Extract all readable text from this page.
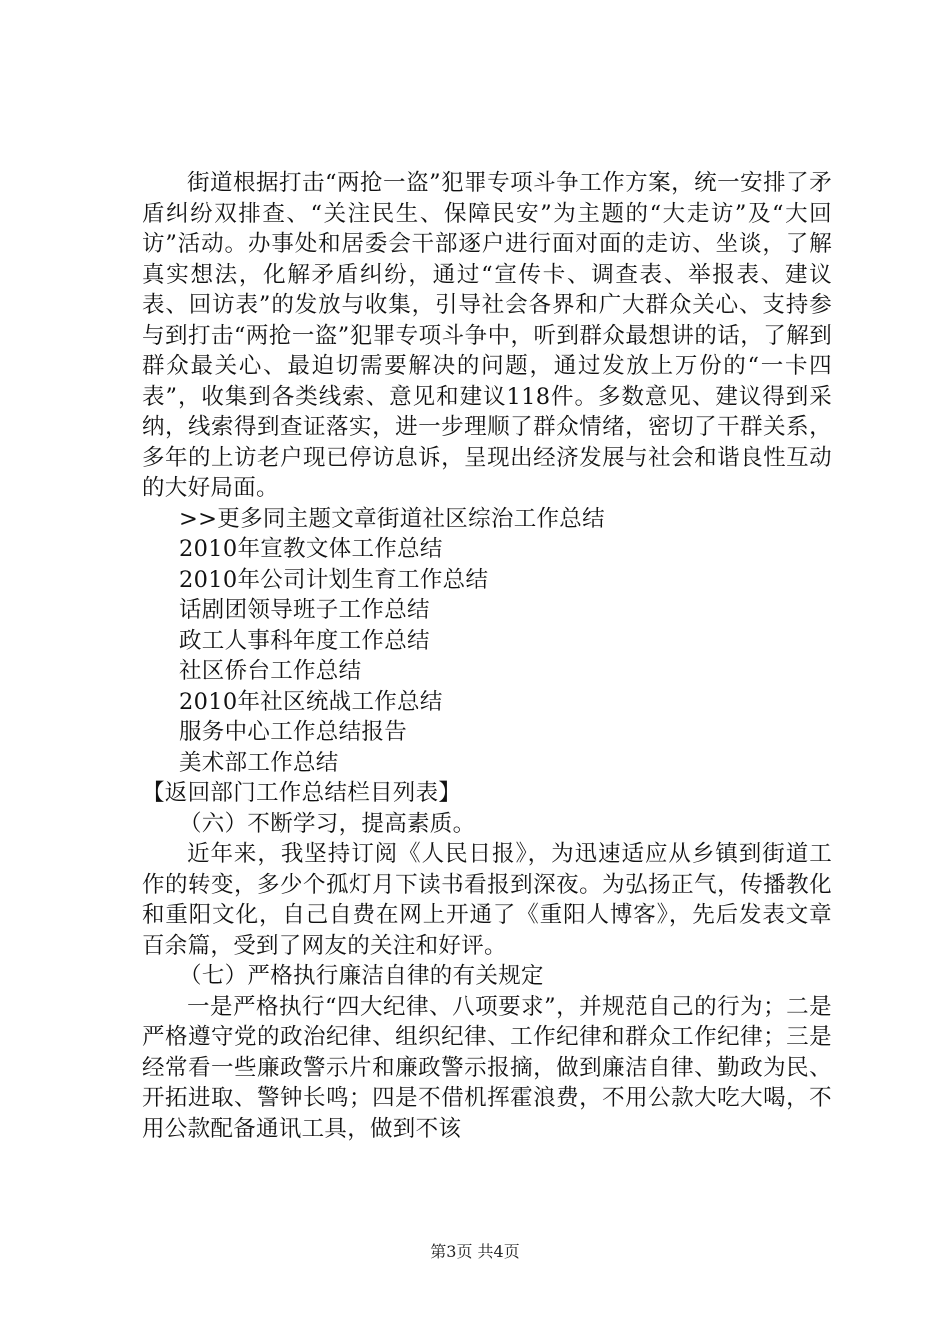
街道根据打击“两抢一盗”犯罪专项斗争工作方案，统一安排了矛盾纠纷双排查、“关注民生、保障民安”为主题的“大走访”及“大回访”活动。办事处和居委会干部逐户进行面对面的走访、坐谈，了解真实想法，化解矛盾纠纷，通过“宣传卡、调查表、举报表、建议表、回访表”的发放与收集，引导社会各界和广大群众关心、支持参与到打击“两抢一盗”犯罪专项斗争中，听到群众最想讲的话，了解到群众最关心、最迫切需要解决的问题，通过发放上万份的“一卡四表”，收集到各类线索、意见和建议118件。多数意见、建议得到采纳，线索得到查证落实，进一步理顺了群众情绪，密切了干群关系，多年的上访老户现已停访息诉，呈现出经济发展与社会和谐良性互动的大好局面。

>>更多同主题文章街道社区综治工作总结
2010年宣教文体工作总结
2010年公司计划生育工作总结
话剧团领导班子工作总结
政工人事科年度工作总结
社区侨台工作总结
2010年社区统战工作总结
服务中心工作总结报告
美术部工作总结
【返回部门工作总结栏目列表】
（六）不断学习，提高素质。

近年来，我坚持订阅《人民日报》，为迅速适应从乡镇到街道工作的转变，多少个孤灯月下读书看报到深夜。为弘扬正气，传播教化和重阳文化，自己自费在网上开通了《重阳人博客》，先后发表文章百余篇，受到了网友的关注和好评。

（七）严格执行廉洁自律的有关规定

一是严格执行“四大纪律、八项要求”，并规范自己的行为；二是严格遵守党的政治纪律、组织纪律、工作纪律和群众工作纪律；三是经常看一些廉政警示片和廉政警示报摘，做到廉洁自律、勤政为民、开拓进取、警钟长鸣；四是不借机挥霍浪费，不用公款大吃大喝，不用公款配备通讯工具，做到不该

第3页 共4页
